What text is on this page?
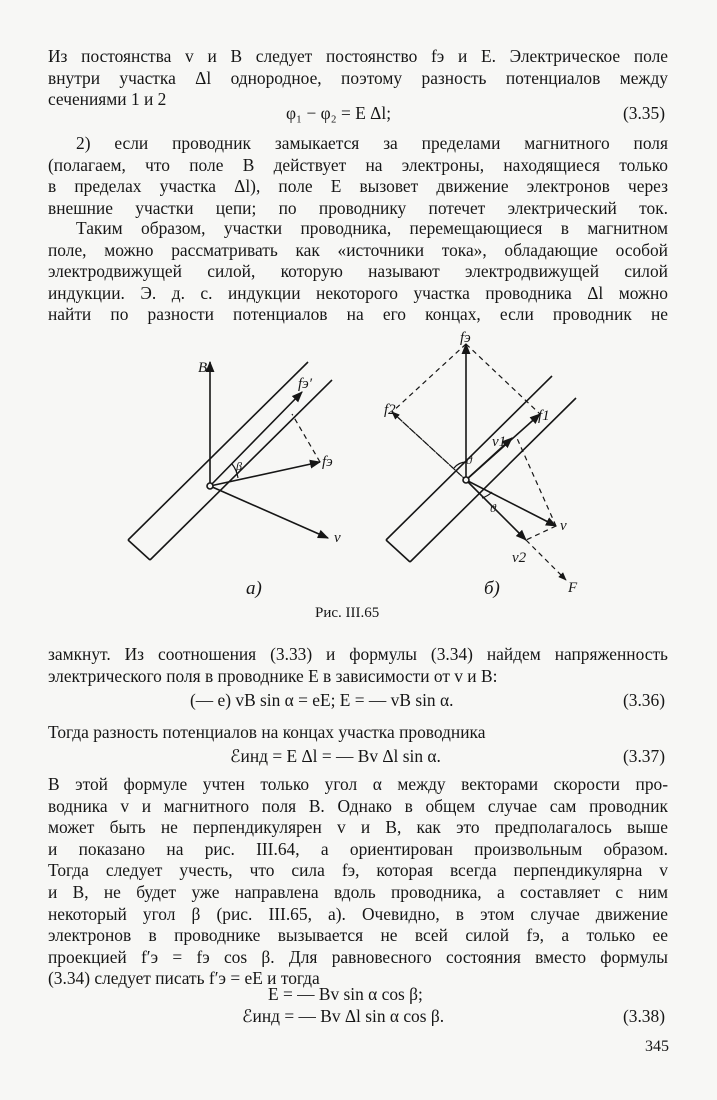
Из постоянства v и B следует постоянство fэ и E. Электрическое поле
внутри участка Δl однородное, поэтому разность потенциалов между
сечениями 1 и 2
φ₁ − φ₂ = E Δl;	(3.35)
2) если проводник замыкается за пределами магнитного поля
(полагаем, что поле B действует на электроны, находящиеся только
в пределах участка Δl), поле E вызовет движение электронов через
внешние участки цепи; по проводнику потечет электрический ток.
Таким образом, участки проводника, перемещающиеся в магнитном
поле, можно рассматривать как «источники тока», обладающие особой
электродвижущей силой, которую называют электродвижущей силой
индукции. Э. д. с. индукции некоторого участка проводника Δl можно
найти по разности потенциалов на его концах, если проводник не
B
fэ′
fэ
β
v
fэ
f1
f2
v1
v2
v
F
ϑ
ϑ
а)	б)
Рис. III.65
замкнут. Из соотношения (3.33) и формулы (3.34) найдем напряженность
электрического поля в проводнике E в зависимости от v и B:
(— e) vB sin α = eE; E = — vB sin α.	(3.36)
Тогда разность потенциалов на концах участка проводника
ℰинд = E Δl = — Bv Δl sin α.	(3.37)
В этой формуле учтен только угол α между векторами скорости про-
водника v и магнитного поля B. Однако в общем случае сам проводник
может быть не перпендикулярен v и B, как это предполагалось выше
и показано на рис. III.64, а ориентирован произвольным образом.
Тогда следует учесть, что сила fэ, которая всегда перпендикулярна v
и B, не будет уже направлена вдоль проводника, а составляет с ним
некоторый угол β (рис. III.65, а). Очевидно, в этом случае движение
электронов в проводнике вызывается не всей силой fэ, а только ее
проекцией f′э = fэ cos β. Для равновесного состояния вместо формулы
(3.34) следует писать f′э = eE и тогда
E = — Bv sin α cos β;
ℰинд = — Bv Δl sin α cos β.	(3.38)
345
